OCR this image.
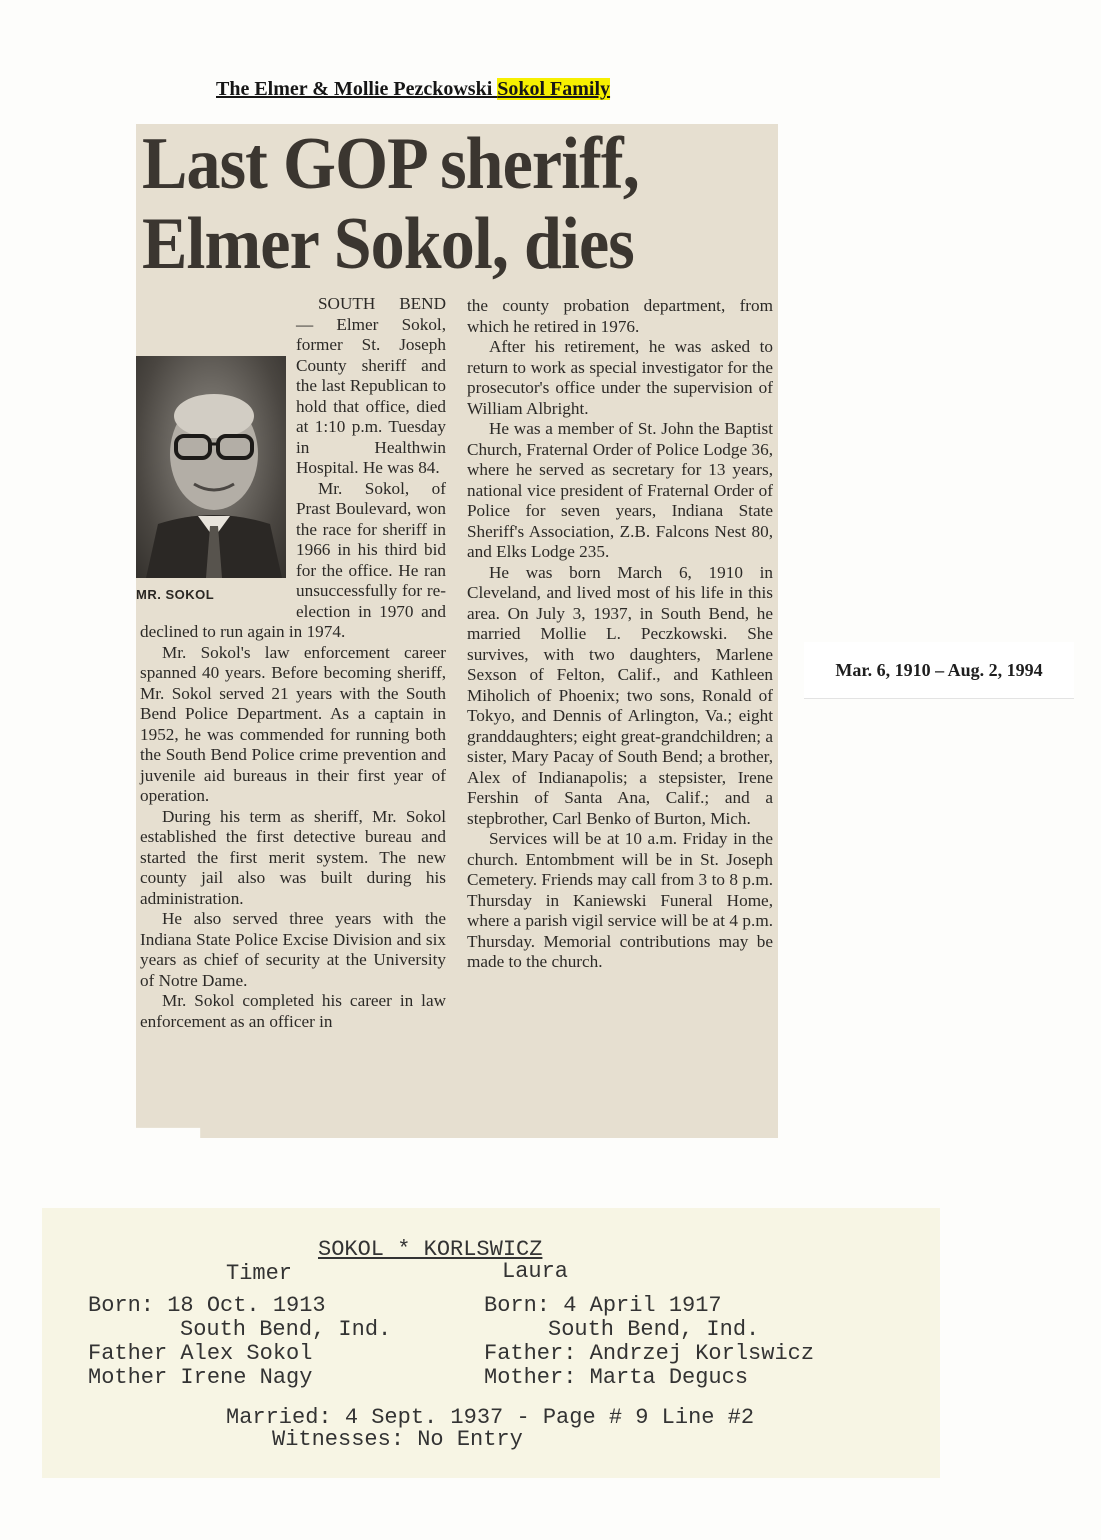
The Elmer & Mollie Pezckowski Sokol Family
Last GOP sheriff,
Elmer Sokol, dies
MR. SOKOL

SOUTH BEND — Elmer Sokol, former St. Joseph County sheriff and the last Republican to hold that office, died at 1:10 p.m. Tuesday in Healthwin Hospital. He was 84.

Mr. Sokol, of Prast Boulevard, won the race for sheriff in 1966 in his third bid for the office. He ran unsuccessfully for re-election in 1970 and declined to run again in 1974.

Mr. Sokol's law enforcement career spanned 40 years. Before becoming sheriff, Mr. Sokol served 21 years with the South Bend Police Department. As a captain in 1952, he was commended for running both the South Bend Police crime prevention and juvenile aid bureaus in their first year of operation.

During his term as sheriff, Mr. Sokol established the first detective bureau and started the first merit system. The new county jail also was built during his administration.

He also served three years with the Indiana State Police Excise Division and six years as chief of security at the University of Notre Dame.

Mr. Sokol completed his career in law enforcement as an officer in

the county probation department, from which he retired in 1976.

After his retirement, he was asked to return to work as special investigator for the prosecutor's office under the supervision of William Albright.

He was a member of St. John the Baptist Church, Fraternal Order of Police Lodge 36, where he served as secretary for 13 years, national vice president of Fraternal Order of Police for seven years, Indiana State Sheriff's Association, Z.B. Falcons Nest 80, and Elks Lodge 235.

He was born March 6, 1910 in Cleveland, and lived most of his life in this area. On July 3, 1937, in South Bend, he married Mollie L. Peczkowski. She survives, with two daughters, Marlene Sexson of Felton, Calif., and Kathleen Miholich of Phoenix; two sons, Ronald of Tokyo, and Dennis of Arlington, Va.; eight granddaughters; eight great-grandchildren; a sister, Mary Pacay of South Bend; a brother, Alex of Indianapolis; a stepsister, Irene Fershin of Santa Ana, Calif.; and a stepbrother, Carl Benko of Burton, Mich.

Services will be at 10 a.m. Friday in the church. Entombment will be in St. Joseph Cemetery. Friends may call from 3 to 8 p.m. Thursday in Kaniewski Funeral Home, where a parish vigil service will be at 4 p.m. Thursday. Memorial contributions may be made to the church.

Mar. 6, 1910 – Aug. 2, 1994
SOKOL * KORLSWICZ
Timer	Laura
Born: 18 Oct. 1913
South Bend, Ind.
Father Alex Sokol
Mother Irene Nagy
Born: 4 April 1917
South Bend, Ind.
Father: Andrzej Korlswicz
Mother: Marta Degucs
Married: 4 Sept. 1937 - Page # 9 Line #2
Witnesses: No Entry
